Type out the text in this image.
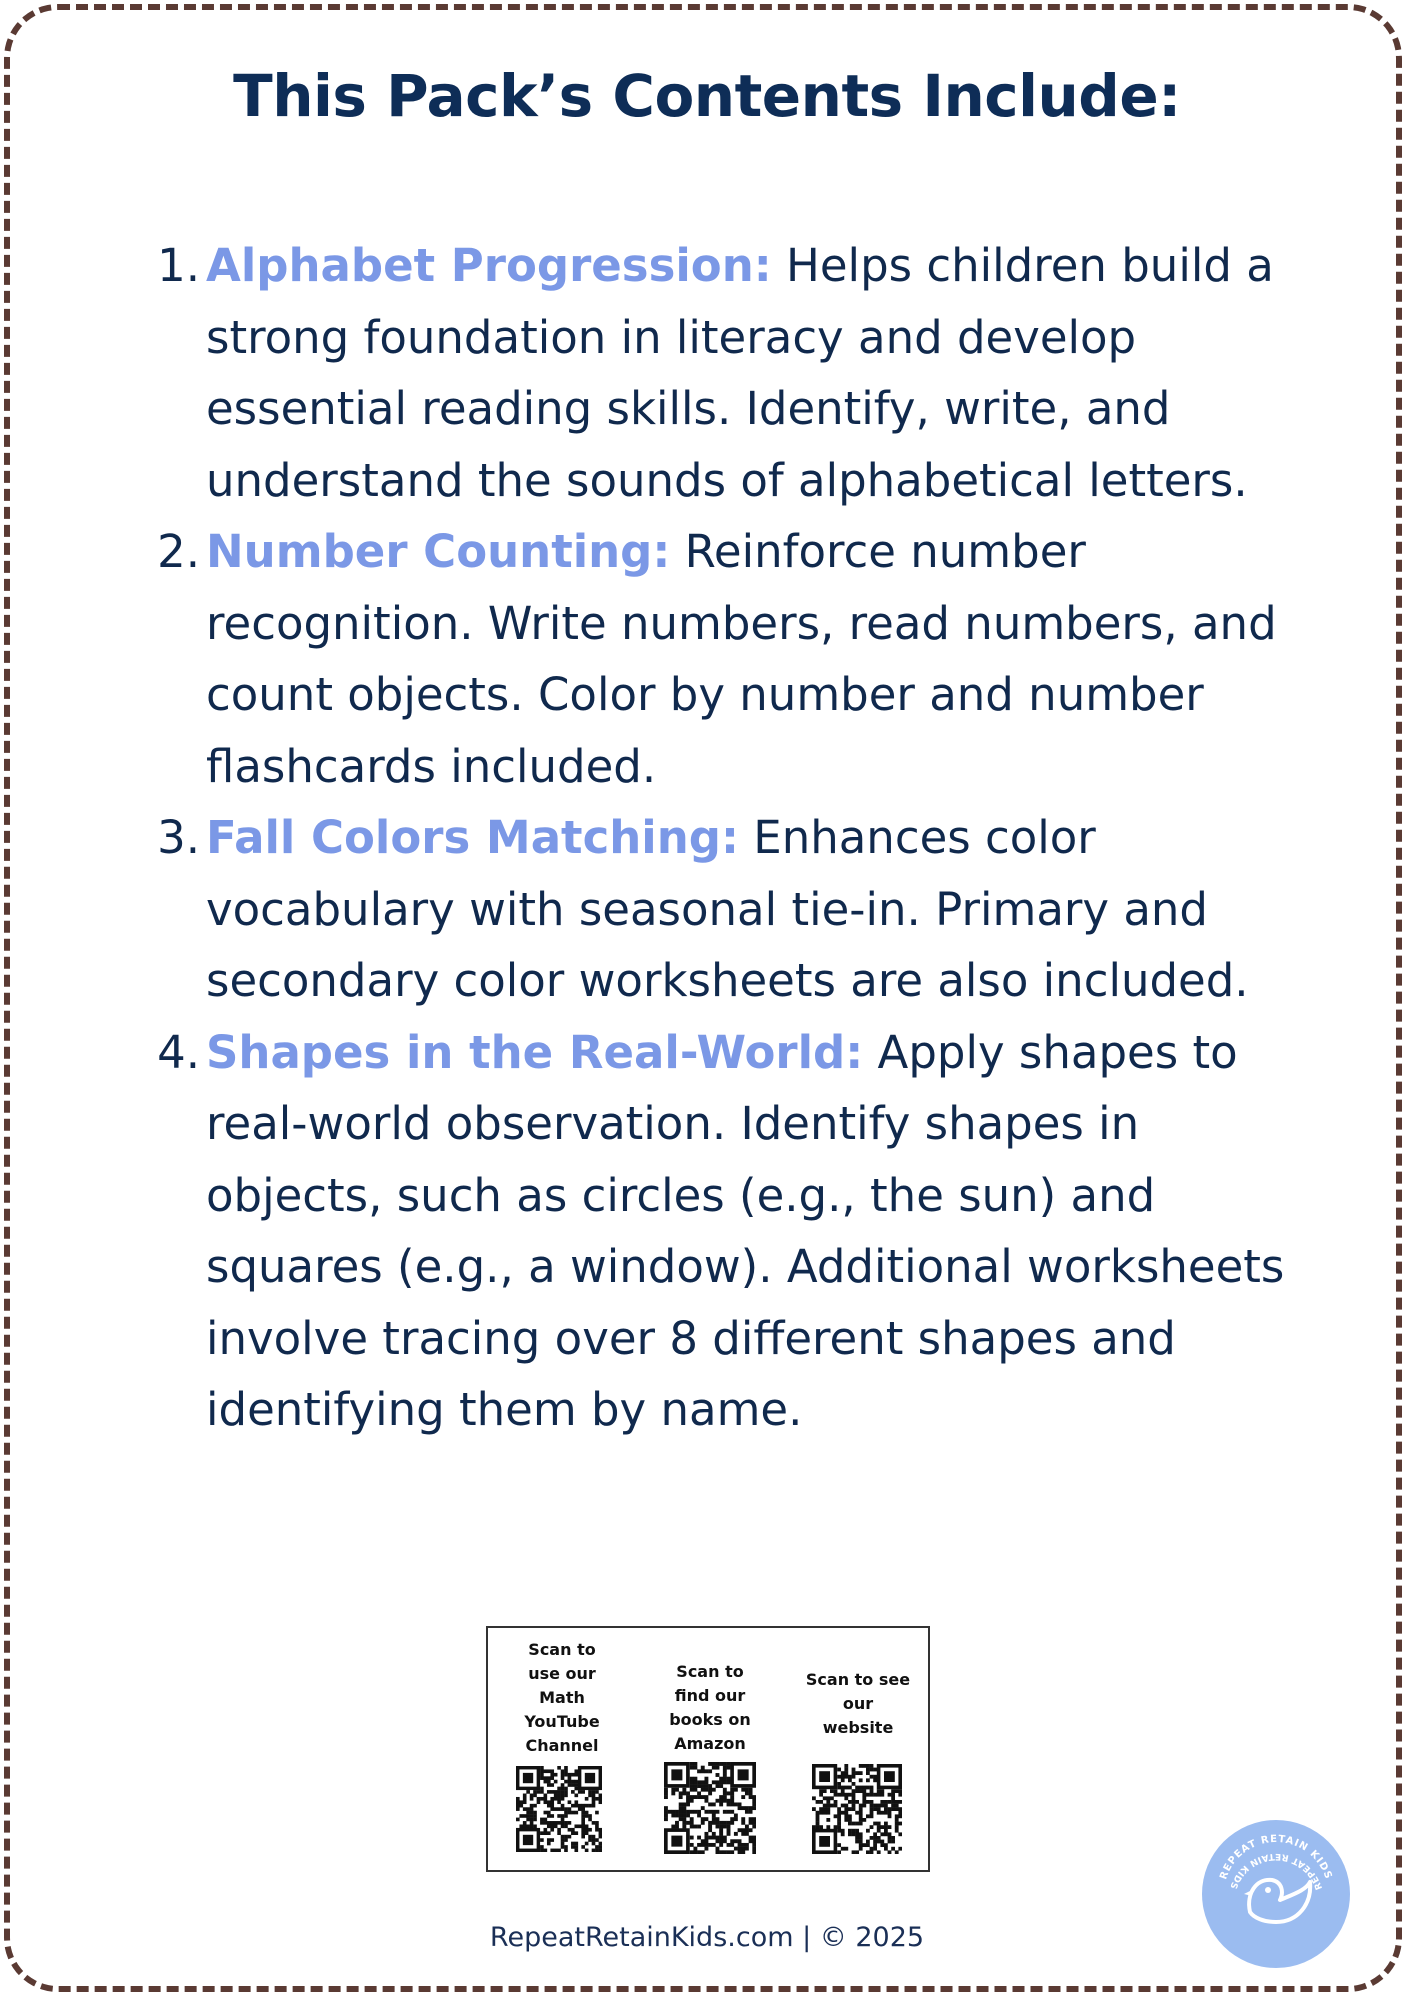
This Pack’s Contents Include:
1. Alphabet Progression: Helps children build a strong foundation in literacy and develop essential reading skills. Identify, write, and understand the sounds of alphabetical letters.
2. Number Counting: Reinforce number recognition. Write numbers, read numbers, and count objects. Color by number and number flashcards included.
3. Fall Colors Matching: Enhances color vocabulary with seasonal tie-in. Primary and secondary color worksheets are also included.
4. Shapes in the Real-World: Apply shapes to real-world observation. Identify shapes in objects, such as circles (e.g., the sun) and squares (e.g., a window). Additional worksheets involve tracing over 8 different shapes and identifying them by name.
Scan to
use our
Math
YouTube
Channel
Scan to
find our
books on
Amazon
Scan to see
our
website
RepeatRetainKids.com | © 2025
REPEAT RETAIN KIDS
REPEAT RETAIN KIDS
